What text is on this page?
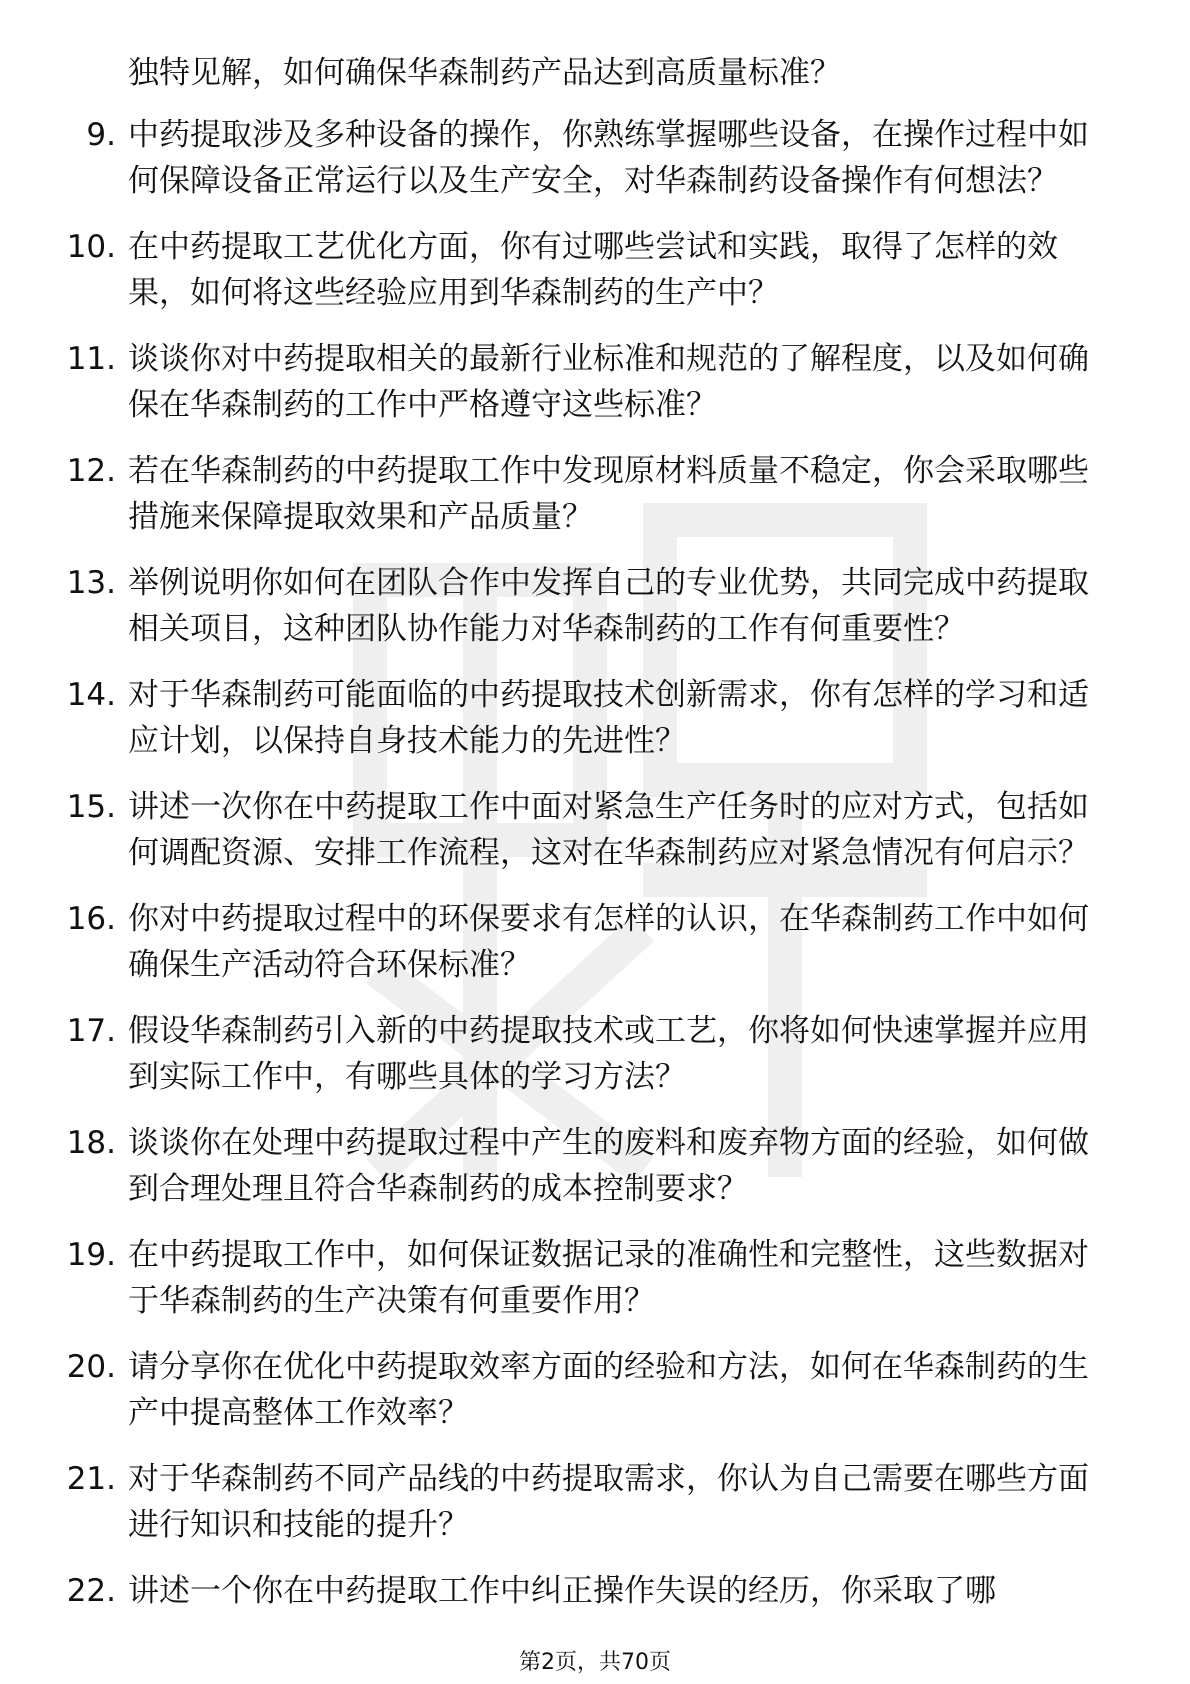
独特见解，如何确保华森制药产品达到高质量标准？

9. 中药提取涉及多种设备的操作，你熟练掌握哪些设备，在操作过程中如何保障设备正常运行以及生产安全，对华森制药设备操作有何想法？
10. 在中药提取工艺优化方面，你有过哪些尝试和实践，取得了怎样的效果，如何将这些经验应用到华森制药的生产中？
11. 谈谈你对中药提取相关的最新行业标准和规范的了解程度，以及如何确保在华森制药的工作中严格遵守这些标准？
12. 若在华森制药的中药提取工作中发现原材料质量不稳定，你会采取哪些措施来保障提取效果和产品质量？
13. 举例说明你如何在团队合作中发挥自己的专业优势，共同完成中药提取相关项目，这种团队协作能力对华森制药的工作有何重要性？
14. 对于华森制药可能面临的中药提取技术创新需求，你有怎样的学习和适应计划，以保持自身技术能力的先进性？
15. 讲述一次你在中药提取工作中面对紧急生产任务时的应对方式，包括如何调配资源、安排工作流程，这对在华森制药应对紧急情况有何启示？
16. 你对中药提取过程中的环保要求有怎样的认识，在华森制药工作中如何确保生产活动符合环保标准？
17. 假设华森制药引入新的中药提取技术或工艺，你将如何快速掌握并应用到实际工作中，有哪些具体的学习方法？
18. 谈谈你在处理中药提取过程中产生的废料和废弃物方面的经验，如何做到合理处理且符合华森制药的成本控制要求？
19. 在中药提取工作中，如何保证数据记录的准确性和完整性，这些数据对于华森制药的生产决策有何重要作用？
20. 请分享你在优化中药提取效率方面的经验和方法，如何在华森制药的生产中提高整体工作效率？
21. 对于华森制药不同产品线的中药提取需求，你认为自己需要在哪些方面进行知识和技能的提升？
22. 讲述一个你在中药提取工作中纠正操作失误的经历，你采取了哪
第2页，共70页
